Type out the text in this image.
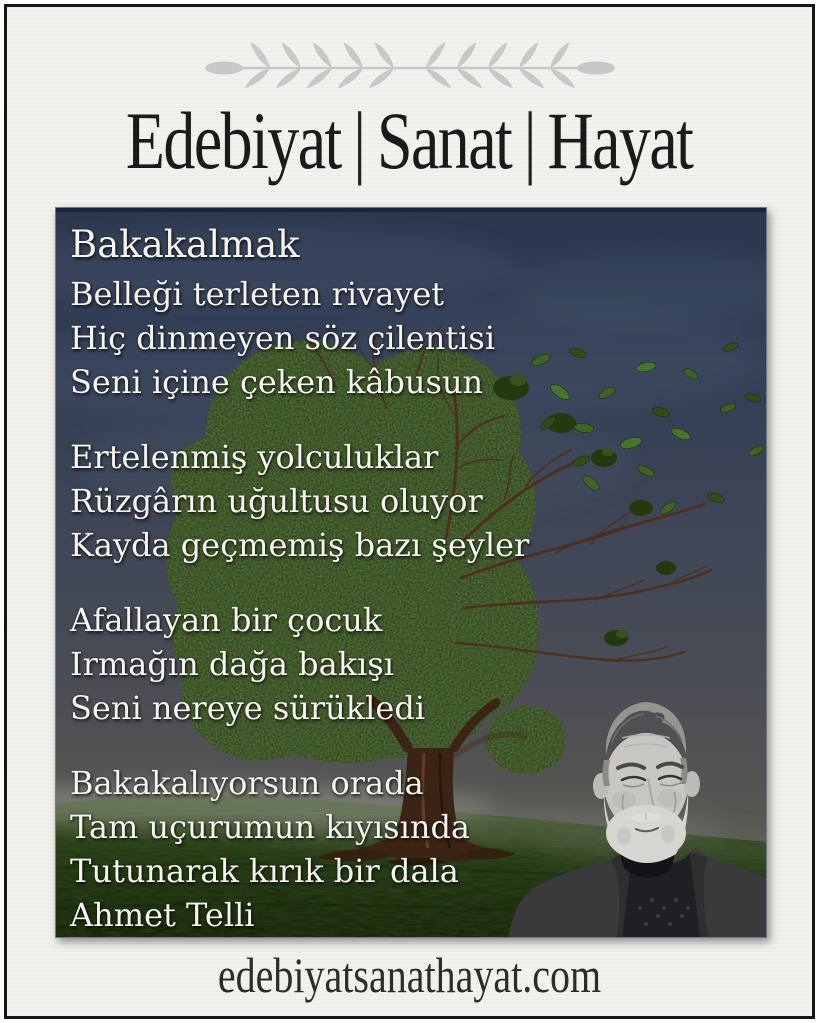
Edebiyat | Sanat | Hayat
Bakakalmak
Belleği terleten rivayet
Hiç dinmeyen söz çilentisi
Seni içine çeken kâbusun
Ertelenmiş yolculuklar
Rüzgârın uğultusu oluyor
Kayda geçmemiş bazı şeyler
Afallayan bir çocuk
Irmağın dağa bakışı
Seni nereye sürükledi
Bakakalıyorsun orada
Tam uçurumun kıyısında
Tutunarak kırık bir dala
Ahmet Telli
edebiyatsanathayat.com
